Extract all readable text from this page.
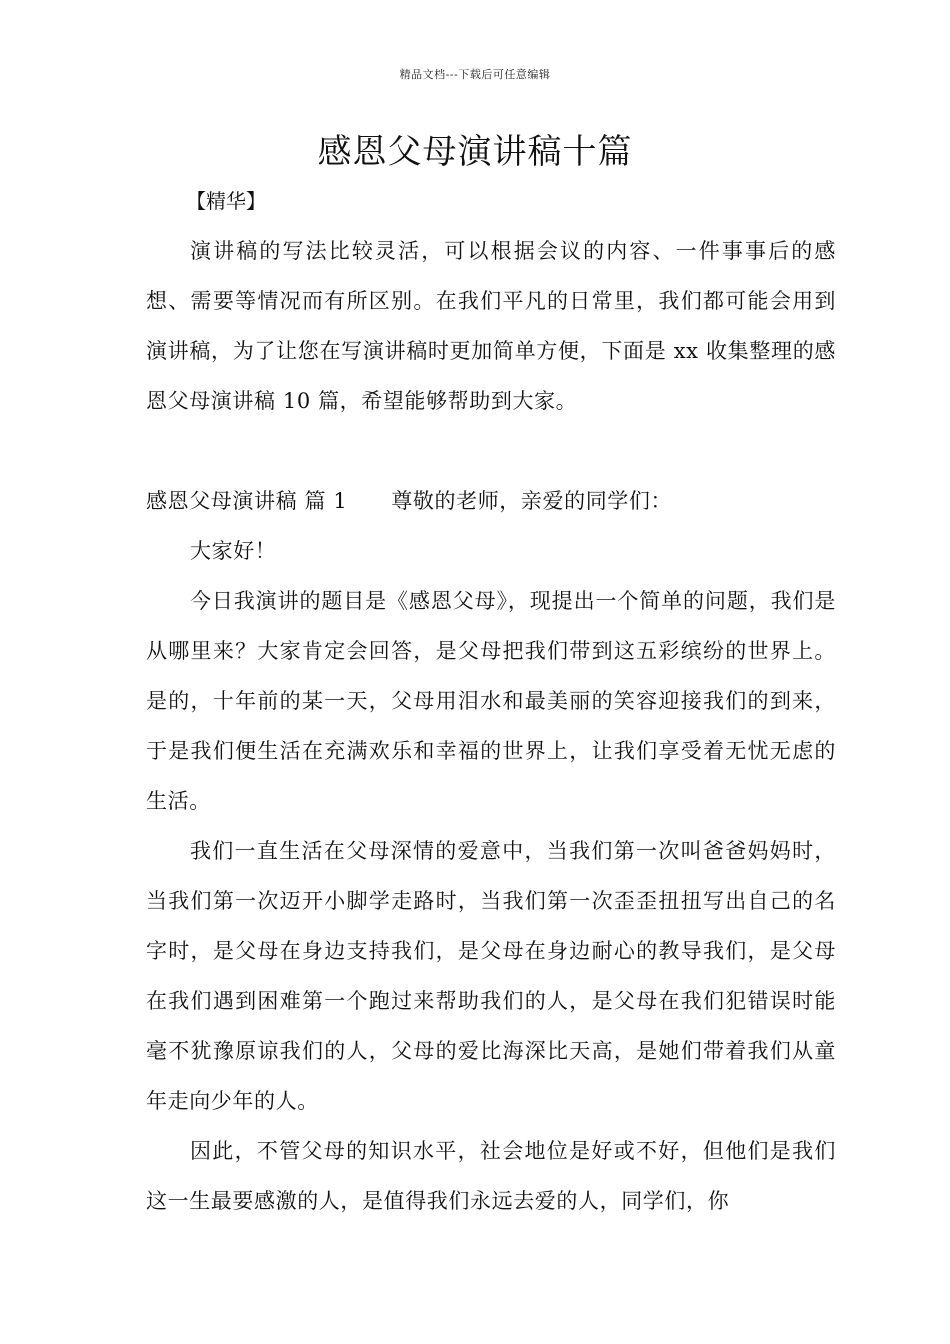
精品文档---下载后可任意编辑
感恩父母演讲稿十篇
【精华】

演讲稿的写法比较灵活，可以根据会议的内容、一件事事后的感想、需要等情况而有所区别。在我们平凡的日常里，我们都可能会用到演讲稿，为了让您在写演讲稿时更加简单方便，下面是 xx 收集整理的感恩父母演讲稿 10 篇，希望能够帮助到大家。

感恩父母演讲稿 篇 1 尊敬的老师，亲爱的同学们：

大家好！

今日我演讲的题目是《感恩父母》，现提出一个简单的问题，我们是从哪里来？大家肯定会回答，是父母把我们带到这五彩缤纷的世界上。是的，十年前的某一天，父母用泪水和最美丽的笑容迎接我们的到来，于是我们便生活在充满欢乐和幸福的世界上，让我们享受着无忧无虑的生活。

我们一直生活在父母深情的爱意中，当我们第一次叫爸爸妈妈时，当我们第一次迈开小脚学走路时，当我们第一次歪歪扭扭写出自己的名字时，是父母在身边支持我们，是父母在身边耐心的教导我们，是父母在我们遇到困难第一个跑过来帮助我们的人，是父母在我们犯错误时能毫不犹豫原谅我们的人，父母的爱比海深比天高，是她们带着我们从童年走向少年的人。

因此，不管父母的知识水平，社会地位是好或不好，但他们是我们这一生最要感激的人，是值得我们永远去爱的人，同学们，你
